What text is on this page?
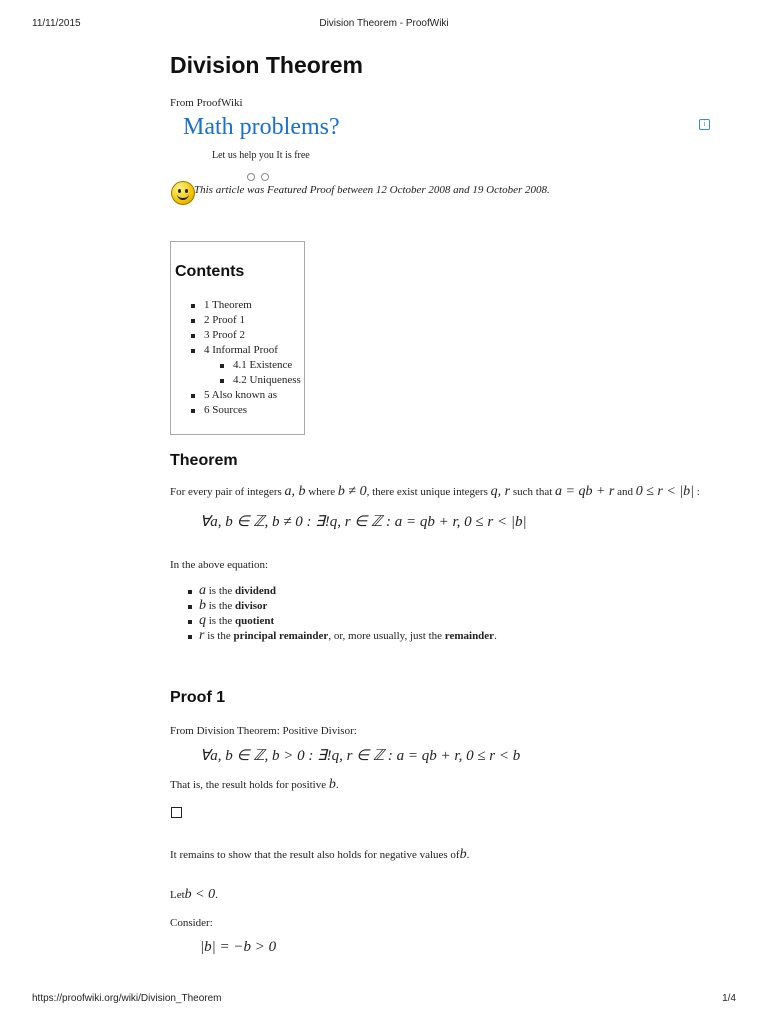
11/11/2015	Division Theorem - ProofWiki
Division Theorem
From ProofWiki
Math problems?	i
Let us help you It is free
This article was Featured Proof between 12 October 2008 and 19 October 2008.
Contents
1 Theorem
2 Proof 1
3 Proof 2
4 Informal Proof
4.1 Existence
4.2 Uniqueness
5 Also known as
6 Sources
Theorem
For every pair of integers a, b where b ≠ 0, there exist unique integers q, r such that a = qb + r and 0 ≤ r < |b| :
∀a, b ∈ ℤ, b ≠ 0 : ∃!q, r ∈ ℤ : a = qb + r, 0 ≤ r < |b|
In the above equation:
a is the dividend
b is the divisor
q is the quotient
r is the principal remainder, or, more usually, just the remainder.
Proof 1
From Division Theorem: Positive Divisor:
∀a, b ∈ ℤ, b > 0 : ∃!q, r ∈ ℤ : a = qb + r, 0 ≤ r < b
That is, the result holds for positive b.
It remains to show that the result also holds for negative values ofb.
Letb < 0.
Consider:
|b| = −b > 0
https://proofwiki.org/wiki/Division_Theorem	1/4
